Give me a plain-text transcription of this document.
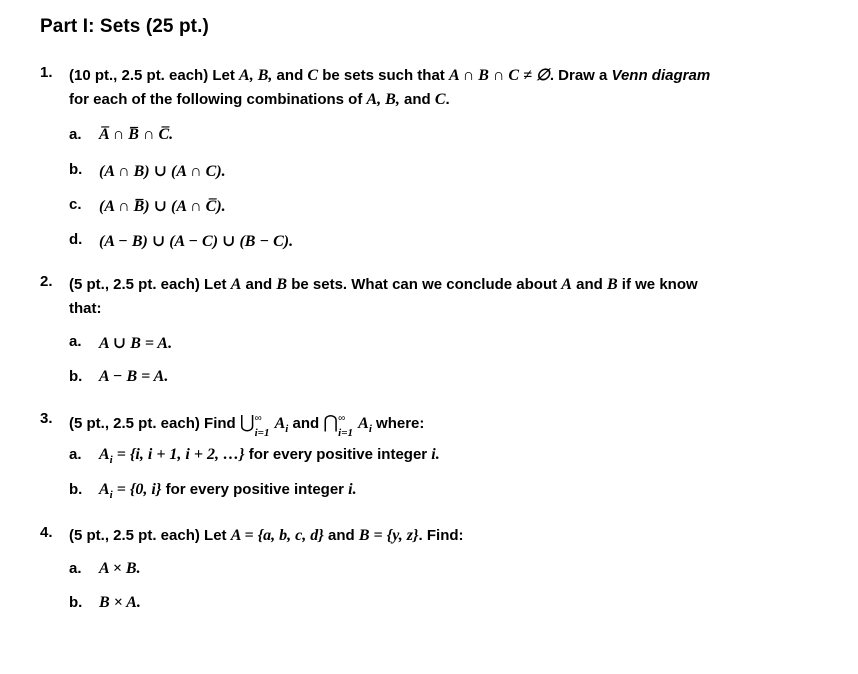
Part I: Sets (25 pt.)
1. (10 pt., 2.5 pt. each) Let A, B, and C be sets such that A ∩ B ∩ C ≠ ∅. Draw a Venn diagram
for each of the following combinations of A, B, and C.
a. A̅ ∩ B̅ ∩ C̅.
b. (A ∩ B) ∪ (A ∩ C).
c. (A ∩ B̅) ∪ (A ∩ C̅).
d. (A − B) ∪ (A − C) ∪ (B − C).
2. (5 pt., 2.5 pt. each) Let A and B be sets. What can we conclude about A and B if we know
that:
a. A ∪ B = A.
b. A − B = A.
3. (5 pt., 2.5 pt. each) Find ⋃ ∞
i=1
$A_i$ and ⋂ ∞
i=1
$A_i$ where:
a. $A_i = \{i$, i + 1, i + 2, …} for every positive integer i.
b. $A_i = \{0$, i} for every positive integer i.
4. (5 pt., 2.5 pt. each) Let A = {a, b, c, d} and B = {y, z}. Find:
a. A × B.
b. B × A.
